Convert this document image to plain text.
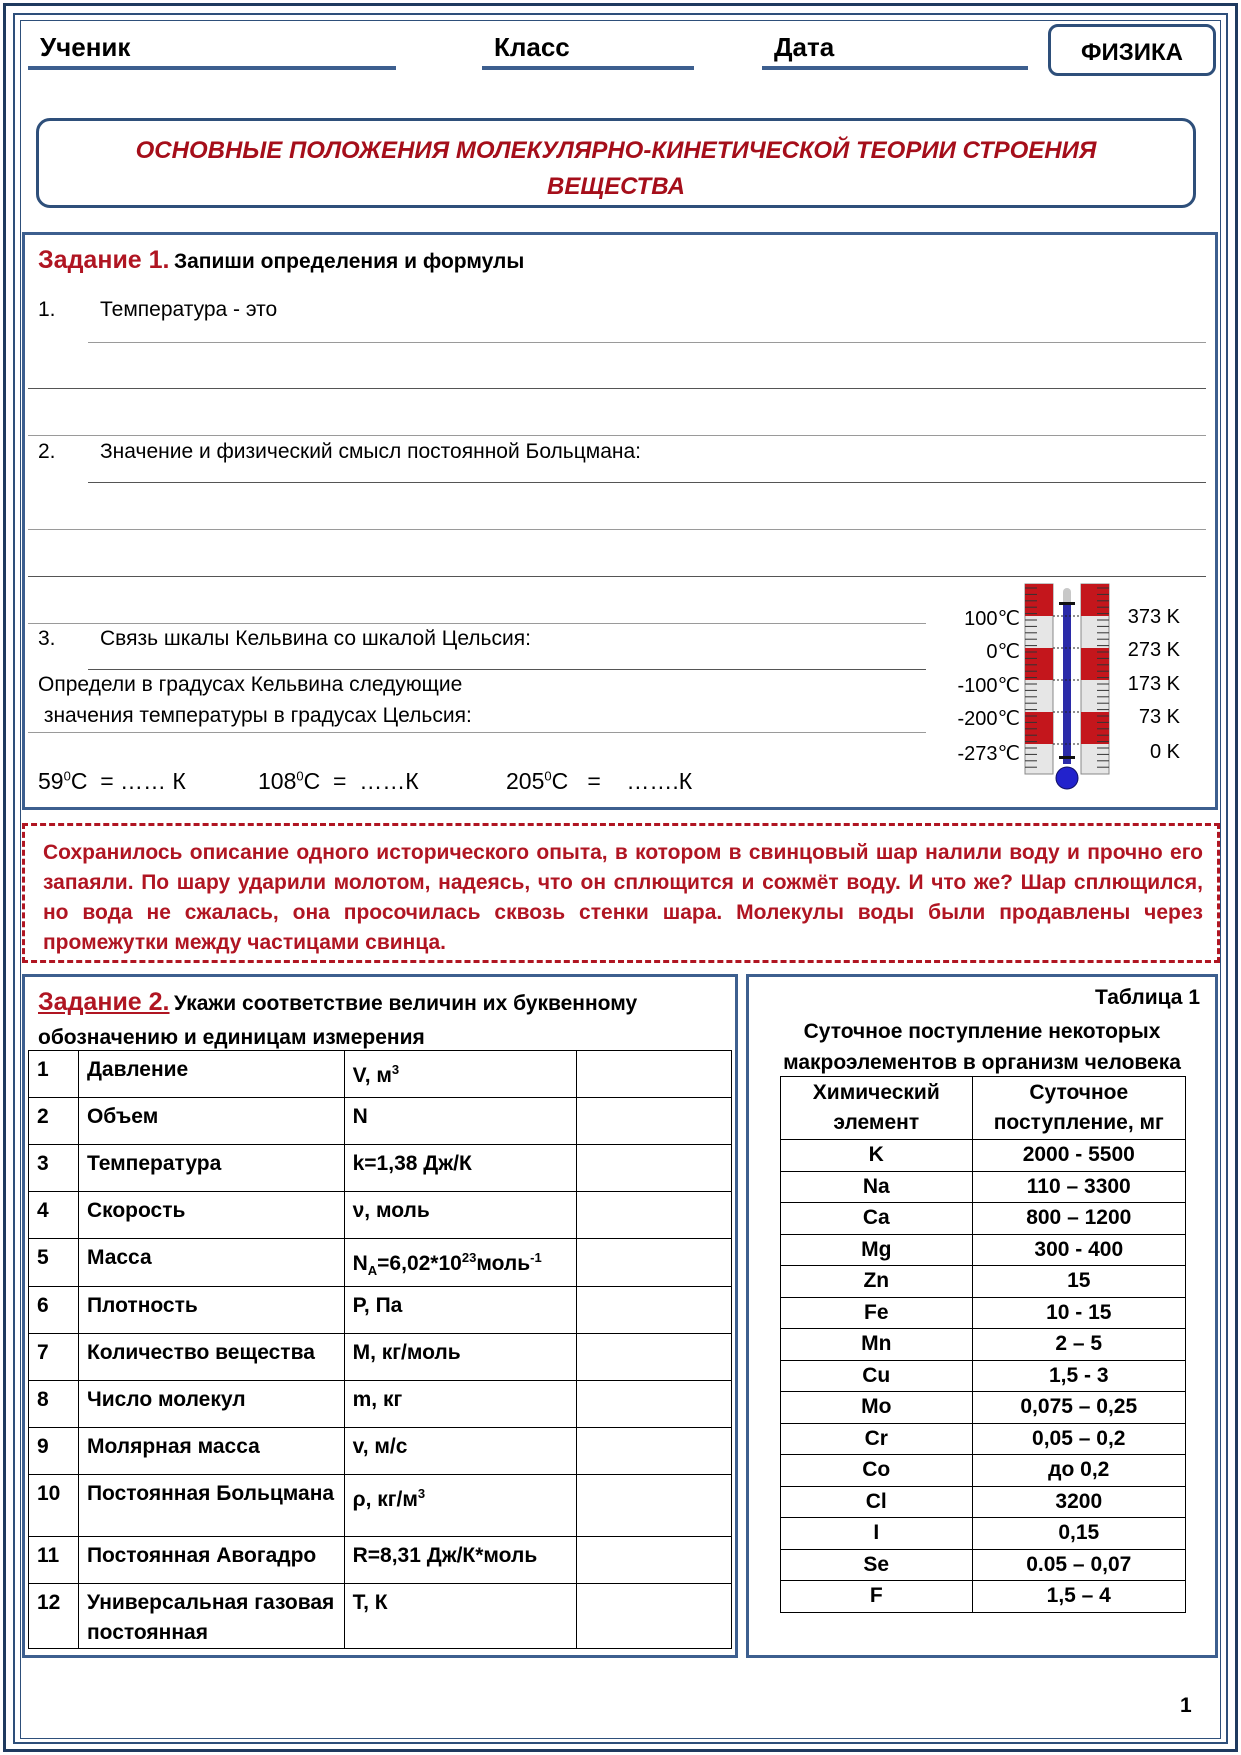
Ученик	Класс	Дата	ФИЗИКА
ОСНОВНЫЕ ПОЛОЖЕНИЯ МОЛЕКУЛЯРНО-КИНЕТИЧЕСКОЙ ТЕОРИИ СТРОЕНИЯ
ВЕЩЕСТВА
Задание 1. Запиши определения и формулы
1. Температура - это
2. Значение и физический смысл постоянной Больцмана:
3. Связь шкалы Кельвина со шкалой Цельсия:
Определи в градусах Кельвина следующие
значения температуры в градусах Цельсия:
$59^0C$  = …… К	$108^0C$  =  ……К	$205^0C$   =    …….К
100℃
0℃
-100℃
-200℃
-273℃
373 K
273 K
173 K
73 K
0 K
Сохранилось описание одного исторического опыта, в котором в свинцовый шар налили воду и прочно его запаяли. По шару ударили молотом, надеясь, что он сплющится и сожмёт воду. И что же? Шар сплющился, но вода не сжалась, она просочилась сквозь стенки шара. Молекулы воды были продавлены через промежутки между частицами свинца.
Задание 2. Укажи соответствие величин их буквенному
обозначению и единицам измерения
1	Давление	V, $м^3$	
2	Объем	N	
3	Температура	k=1,38 Дж/К	
4	Скорость	ν, моль	
5	Масса	$N_A=6,02*10^{23}моль^{-1}$	
6	Плотность	P, Па	
7	Количество вещества	M, кг/моль	
8	Число молекул	m, кг	
9	Молярная масса	v, м/с	
10	Постоянная Больцмана	ρ, $кг/м^3$	
11	Постоянная Авогадро	R=8,31 Дж/К*моль	
12	Универсальная газовая постоянная	T, К	
Таблица 1
Суточное поступление некоторых
макроэлементов в организм человека
Химический элемент	Суточное поступление, мг
K	2000 - 5500
Na	110 – 3300
Ca	800 – 1200
Mg	300 - 400
Zn	15
Fe	10 - 15
Mn	2 – 5
Cu	1,5 - 3
Mo	0,075 – 0,25
Cr	0,05 – 0,2
Co	до 0,2
Cl	3200
I	0,15
Se	0.05 – 0,07
F	1,5 – 4
1
